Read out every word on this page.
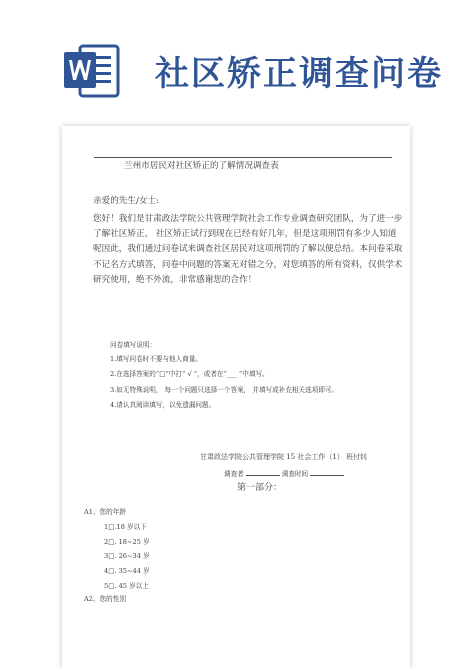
社区矫正调查问卷
兰州市居民对社区矫正的了解情况调查表
亲爱的先生/女士:
您好！我们是甘肃政法学院公共管理学院社会工作专业调查研究团队，为了进一步
了解社区矫正， 社区矫正试行到现在已经有好几年，但是这项刑罚有多少人知道
呢因此，我们通过问卷试来调查社区居民对这项刑罚的了解以便总结。本问卷采取
不记名方式填答，问卷中问题的答案无对错之分，对您填答的所有资料，仅供学术
研究使用，绝不外流，非常感谢您的合作！
问卷填写说明：
1.填写问卷时不要与他人商量。
2.在选择答案的“□”中打“ √ ”，或者在“___ ”中填写。
3.如无特殊说明， 每一个问题只选择一个答案， 并填写或补充相关选项即可。
4.请认真阅读填写，以免遗漏问题。
甘肃政法学院公共管理学院 15 社会工作（1） 班付钊
调查者	调查时间
第一部分：
A1、您的年龄
1□.18 岁以下
2□. 18~25 岁
3□. 26~34 岁
4□. 35~44 岁
5□. 45 岁以上
A2、您的性别
